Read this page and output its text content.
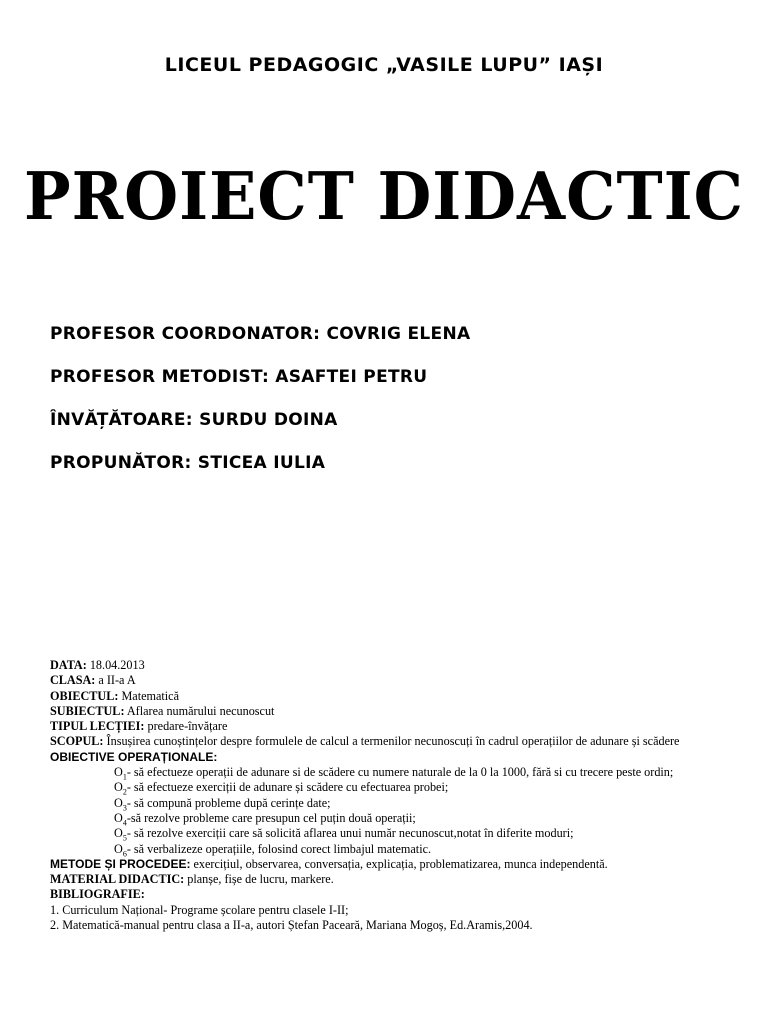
LICEUL PEDAGOGIC „VASILE LUPU” IAȘI
PROIECT DIDACTIC
PROFESOR COORDONATOR: COVRIG ELENA
PROFESOR METODIST: ASAFTEI PETRU
ÎNVĂȚĂTOARE: SURDU DOINA
PROPUNĂTOR: STICEA IULIA
DATA: 18.04.2013
CLASA: a II-a A
OBIECTUL: Matematică
SUBIECTUL: Aflarea numărului necunoscut
TIPUL LECȚIEI: predare-învățare
SCOPUL: Însușirea cunoștințelor despre formulele de calcul a termenilor necunoscuți în cadrul operațiilor de adunare și scădere
OBIECTIVE OPERAȚIONALE:
$O_1-$ să efectueze operații de adunare si de scădere cu numere naturale de la 0 la 1000, fără si cu trecere peste ordin;
$O_2-$ să efectueze exerciții de adunare și scădere cu efectuarea probei;
$O_3-$ să compună probleme după cerințe date;
$O_4-să$ rezolve probleme care presupun cel puțin două operații;
$O_5-$ să rezolve exerciții care să solicită aflarea unui număr necunoscut,notat în diferite moduri;
$O_6-$ să verbalizeze operațiile, folosind corect limbajul matematic.
METODE ȘI PROCEDEE: exercițiul, observarea, conversația, explicația, problematizarea, munca independentă.
MATERIAL DIDACTIC: planșe, fișe de lucru, markere.
BIBLIOGRAFIE:
1. Curriculum Național- Programe școlare pentru clasele I-II;
2. Matematică-manual pentru clasa a II-a, autori Ștefan Paceară, Mariana Mogoș, Ed.Aramis,2004.
